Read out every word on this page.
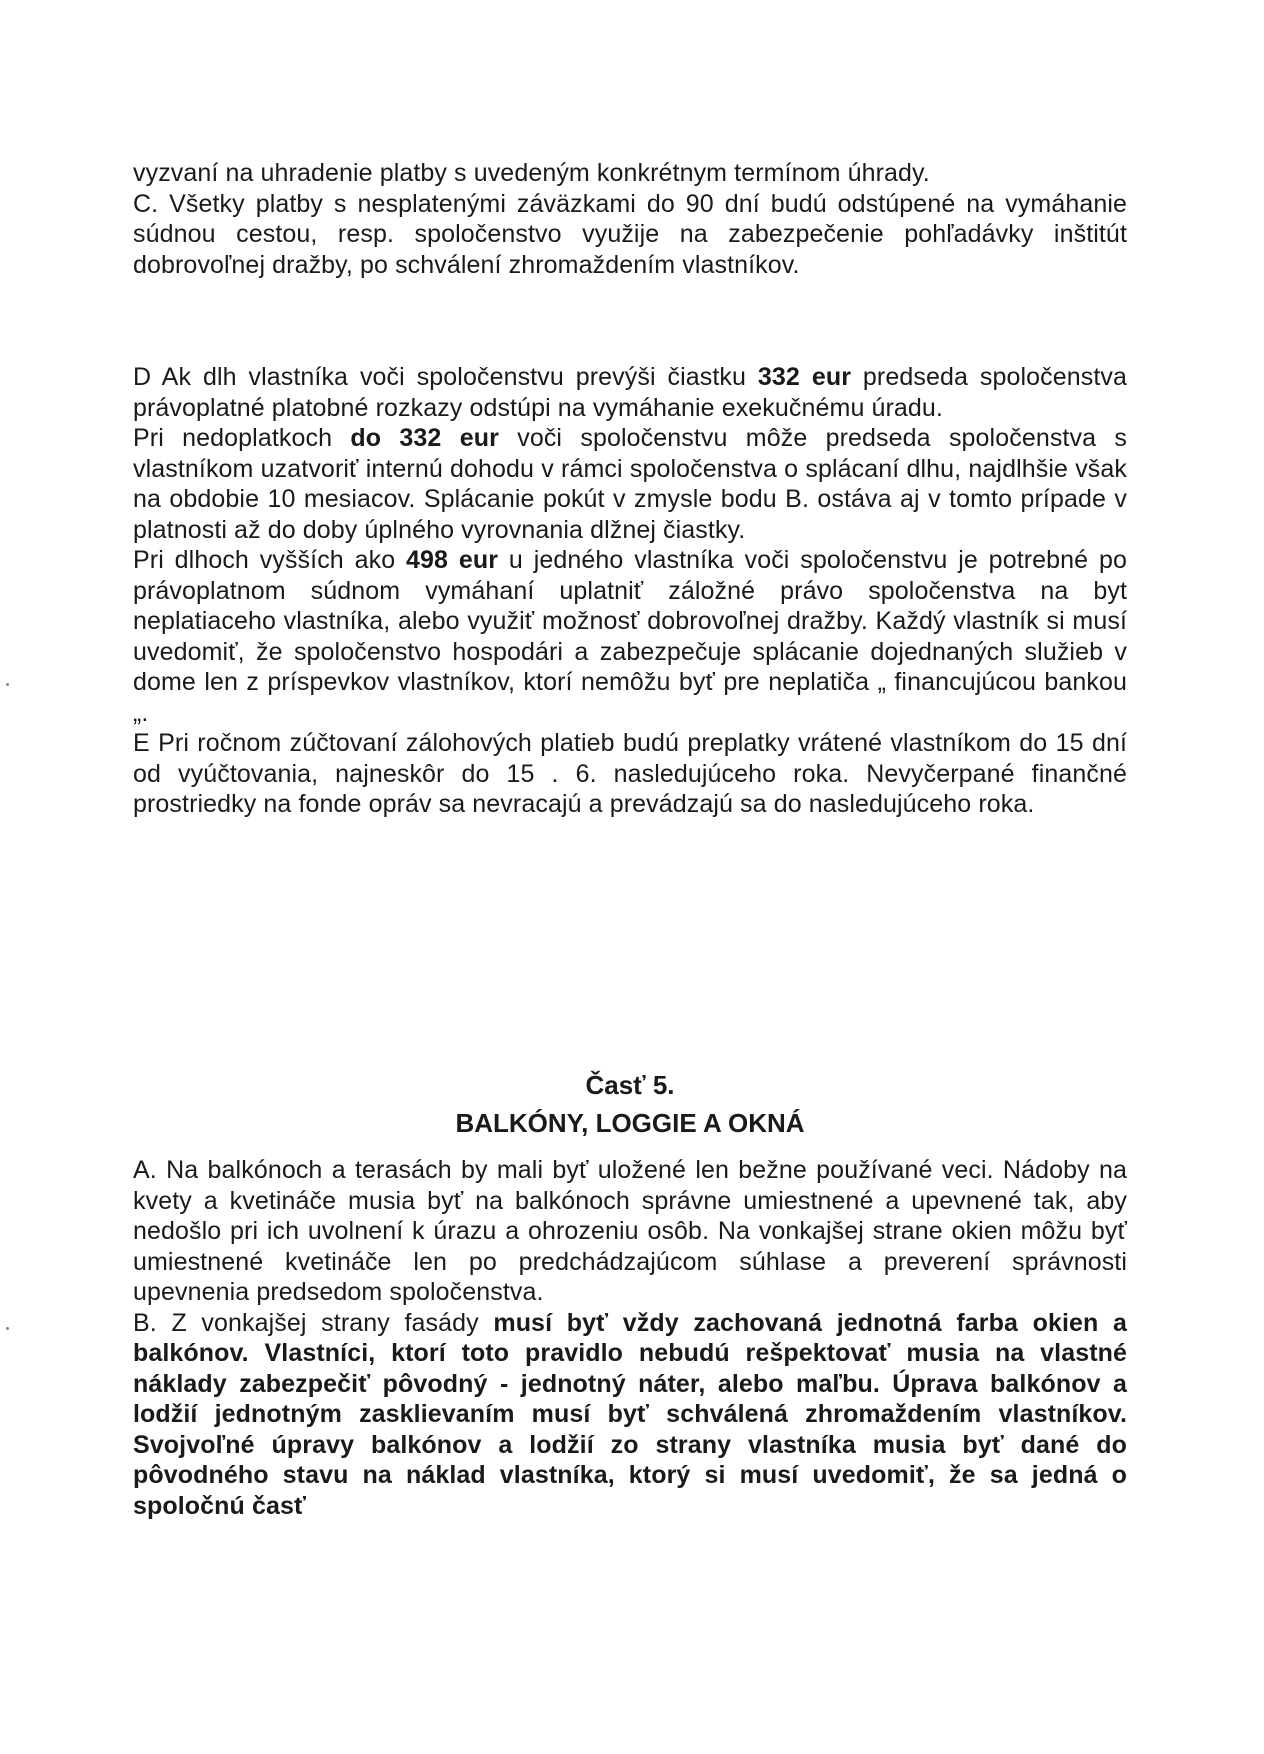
vyzvaní na uhradenie platby s uvedeným konkrétnym termínom úhrady.

C. Všetky platby s nesplatenými záväzkami do 90 dní budú odstúpené na vymáhanie súdnou cestou, resp. spoločenstvo využije na zabezpečenie pohľadávky inštitút dobrovoľnej dražby, po schválení zhromaždením vlastníkov.

D Ak dlh vlastníka voči spoločenstvu prevýši čiastku 332 eur predseda spoločenstva právoplatné platobné rozkazy odstúpi na vymáhanie exekučnému úradu.

Pri nedoplatkoch do 332 eur voči spoločenstvu môže predseda spoločenstva s vlastníkom uzatvoriť internú dohodu v rámci spoločenstva o splácaní dlhu, najdlhšie však na obdobie 10 mesiacov. Splácanie pokút v zmysle bodu B. ostáva aj v tomto prípade v platnosti až do doby úplného vyrovnania dlžnej čiastky.

Pri dlhoch vyšších ako 498 eur u jedného vlastníka voči spoločenstvu je potrebné po právoplatnom súdnom vymáhaní uplatniť záložné právo spoločenstva na byt neplatiaceho vlastníka, alebo využiť možnosť dobrovoľnej dražby. Každý vlastník si musí uvedomiť, že spoločenstvo hospodári a zabezpečuje splácanie dojednaných služieb v dome len z príspevkov vlastníkov, ktorí nemôžu byť pre neplatiča „ financujúcou bankou „.

E Pri ročnom zúčtovaní zálohových platieb budú preplatky vrátené vlastníkom do 15 dní od vyúčtovania, najneskôr do 15 . 6. nasledujúceho roka. Nevyčerpané finančné prostriedky na fonde opráv sa nevracajú a prevádzajú sa do nasledujúceho roka.

Časť 5.
BALKÓNY, LOGGIE A OKNÁ

A. Na balkónoch a terasách by mali byť uložené len bežne používané veci. Nádoby na kvety a kvetináče musia byť na balkónoch správne umiestnené a upevnené tak, aby nedošlo pri ich uvolnení k úrazu a ohrozeniu osôb. Na vonkajšej strane okien môžu byť umiestnené kvetináče len po predchádzajúcom súhlase a preverení správnosti upevnenia predsedom spoločenstva.

B. Z vonkajšej strany fasády musí byť vždy zachovaná jednotná farba okien a balkónov. Vlastníci, ktorí toto pravidlo nebudú rešpektovať musia na vlastné náklady zabezpečiť pôvodný - jednotný náter, alebo maľbu. Úprava balkónov a lodžií jednotným zasklievaním musí byť schválená zhromaždením vlastníkov. Svojvoľné úpravy balkónov a lodžií zo strany vlastníka musia byť dané do pôvodného stavu na náklad vlastníka, ktorý si musí uvedomiť, že sa jedná o spoločnú časť
